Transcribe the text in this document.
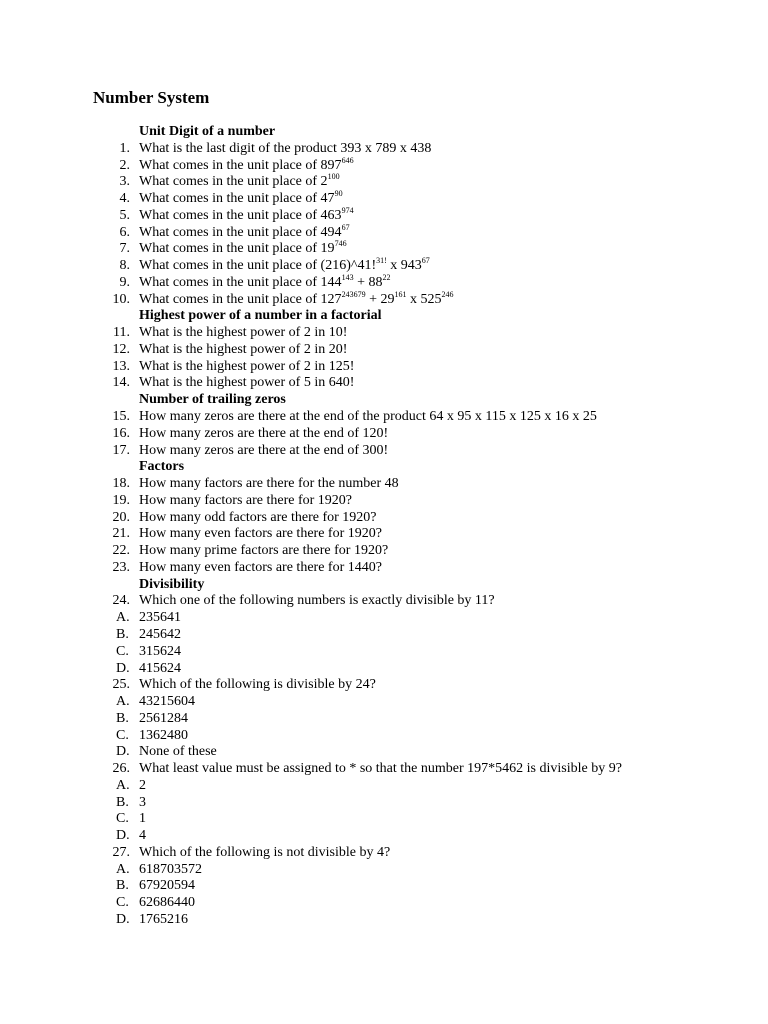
Number System
Unit Digit of a number
1. What is the last digit of the product 393 x 789 x 438
2. What comes in the unit place of $897^{646}$
3. What comes in the unit place of $2^{100}$
4. What comes in the unit place of $47^{90}$
5. What comes in the unit place of $463^{974}$
6. What comes in the unit place of $494^{67}$
7. What comes in the unit place of $19^{746}$
8. What comes in the unit place of (216)^41!$^{31!}$ x $943^{67}$
9. What comes in the unit place of $144^{143} + 88^{22}$
10. What comes in the unit place of $127^{243679} + 29^{161}$ x $525^{246}$
Highest power of a number in a factorial
11. What is the highest power of 2 in 10!
12. What is the highest power of 2 in 20!
13. What is the highest power of 2 in 125!
14. What is the highest power of 5 in 640!
Number of trailing zeros
15. How many zeros are there at the end of the product 64 x 95 x 115 x 125 x 16 x 25
16. How many zeros are there at the end of 120!
17. How many zeros are there at the end of 300!
Factors
18. How many factors are there for the number 48
19. How many factors are there for 1920?
20. How many odd factors are there for 1920?
21. How many even factors are there for 1920?
22. How many prime factors are there for 1920?
23. How many even factors are there for 1440?
Divisibility
24. Which one of the following numbers is exactly divisible by 11?
A. 235641
B. 245642
C. 315624
D. 415624
25. Which of the following is divisible by 24?
A. 43215604
B. 2561284
C. 1362480
D. None of these
26. What least value must be assigned to * so that the number 197*5462 is divisible by 9?
A. 2
B. 3
C. 1
D. 4
27. Which of the following is not divisible by 4?
A. 618703572
B. 67920594
C. 62686440
D. 1765216
